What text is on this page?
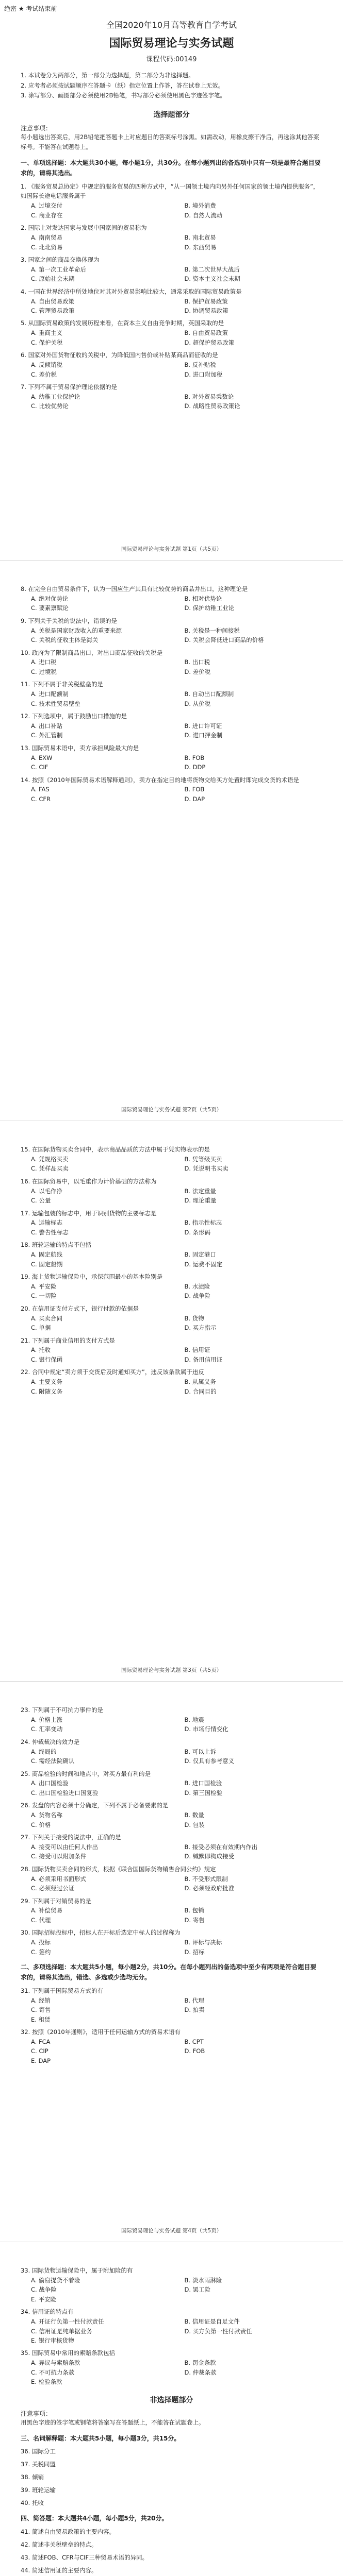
绝密 ★ 考试结束前
全国2020年10月高等教育自学考试
国际贸易理论与实务试题
课程代码:00149
1. 本试卷分为两部分，第一部分为选择题，第二部分为非选择题。
2. 应考者必须按试题顺序在答题卡（纸）指定位置上作答，答在试卷上无效。
3. 涂写部分、画图部分必须使用2B铅笔，书写部分必须使用黑色字迹签字笔。
选择题部分
注意事项：
每小题选出答案后，用2B铅笔把答题卡上对应题目的答案标号涂黑。如需改动，用橡皮擦干净后，再选涂其他答案标号。不能答在试题卷上。
一、单项选择题：本大题共30小题，每小题1分，共30分。在每小题列出的备选项中只有一项是最符合题目要求的，请将其选出。
1. 《服务贸易总协定》中规定的服务贸易的四种方式中，“从一国领土境内向另外任何国家的领土境内提供服务”，如国际长途电话服务属于
A. 过境交付	B. 境外消费
C. 商业存在	D. 自然人流动
2. 国际上对发达国家与发展中国家间的贸易称为
A. 南南贸易	B. 南北贸易
C. 北北贸易	D. 东西贸易
3. 国家之间的商品交换体现为
A. 第一次工业革命后	B. 第二次世界大战后
C. 原始社会末期	D. 资本主义社会末期
4. 一国在世界经济中所处地位对其对外贸易影响比较大，通常采取的国际贸易政策是
A. 自由贸易政策	B. 保护贸易政策
C. 管理贸易政策	D. 协调贸易政策
5. 从国际贸易政策的发展历程来看，在资本主义自由竞争时期，英国采取的是
A. 重商主义	B. 自由贸易政策
C. 保护关税	D. 超保护贸易政策
6. 国家对外国货物征收的关税中，为降低国内售价或补贴某商品而征收的是
A. 反倾销税	B. 反补贴税
C. 差价税	D. 进口附加税
7. 下列不属于贸易保护理论依据的是
A. 幼稚工业保护论	B. 对外贸易乘数论
C. 比较优势论	D. 战略性贸易政策论
国际贸易理论与实务试题 第1页（共5页）
8. 在完全自由贸易条件下，认为一国应生产其具有比较优势的商品并出口，这种理论是
A. 绝对优势论	B. 相对优势论
C. 要素禀赋论	D. 保护幼稚工业论
9. 下列关于关税的说法中，错误的是
A. 关税是国家财政收入的重要来源	B. 关税是一种间接税
C. 关税的征收主体是海关	D. 关税会降低进口商品的价格
10. 政府为了限制商品出口，对出口商品征收的关税是
A. 进口税	B. 出口税
C. 过境税	D. 差价税
11. 下列不属于非关税壁垒的是
A. 进口配额制	B. 自动出口配额制
C. 技术性贸易壁垒	D. 从价税
12. 下列选项中，属于鼓励出口措施的是
A. 出口补贴	B. 进口许可证
C. 外汇管制	D. 进口押金制
13. 国际贸易术语中，卖方承担风险最大的是
A. EXW	B. FOB
C. CIF	D. DDP
14. 按照《2010年国际贸易术语解释通则》，卖方在指定目的地将货物交给买方处置时即完成交货的术语是
A. FAS	B. FOB
C. CFR	D. DAP
国际贸易理论与实务试题 第2页（共5页）
15. 在国际货物买卖合同中，表示商品品质的方法中属于凭实物表示的是
A. 凭规格买卖	B. 凭等级买卖
C. 凭样品买卖	D. 凭说明书买卖
16. 在国际贸易中，以毛重作为计价基础的方法称为
A. 以毛作净	B. 法定重量
C. 公量	D. 理论重量
17. 运输包装的标志中，用于识别货物的主要标志是
A. 运输标志	B. 指示性标志
C. 警告性标志	D. 条形码
18. 班轮运输的特点不包括
A. 固定航线	B. 固定港口
C. 固定船期	D. 运费不固定
19. 海上货物运输保险中，承保范围最小的基本险别是
A. 平安险	B. 水渍险
C. 一切险	D. 战争险
20. 在信用证支付方式下，银行付款的依据是
A. 买卖合同	B. 货物
C. 单据	D. 买方指示
21. 下列属于商业信用的支付方式是
A. 托收	B. 信用证
C. 银行保函	D. 备用信用证
22. 合同中规定“卖方须于交货后及时通知买方”，违反该条款属于违反
A. 主要义务	B. 从属义务
C. 附随义务	D. 合同目的
国际贸易理论与实务试题 第3页（共5页）
23. 下列属于不可抗力事件的是
A. 价格上涨	B. 地震
C. 汇率变动	D. 市场行情变化
24. 仲裁裁决的效力是
A. 终局的	B. 可以上诉
C. 需经法院确认	D. 仅具有参考意义
25. 商品检验的时间和地点中，对买方最有利的是
A. 出口国检验	B. 进口国检验
C. 出口国检验进口国复验	D. 第三国检验
26. 发盘的内容必须十分确定，下列不属于必备要素的是
A. 货物名称	B. 数量
C. 价格	D. 包装
27. 下列关于接受的说法中，正确的是
A. 接受可以由任何人作出	B. 接受必须在有效期内作出
C. 接受可以附加条件	D. 缄默即构成接受
28. 国际货物买卖合同的形式，根据《联合国国际货物销售合同公约》规定
A. 必须采用书面形式	B. 不受形式限制
C. 必须经过公证	D. 必须经政府批准
29. 下列属于对销贸易的是
A. 补偿贸易	B. 包销
C. 代理	D. 寄售
30. 国际招标投标中，招标人在开标后选定中标人的过程称为
A. 投标	B. 评标与决标
C. 签约	D. 招标
二、多项选择题：本大题共5小题，每小题2分，共10分。在每小题列出的备选项中至少有两项是符合题目要求的，请将其选出，错选、多选或少选均无分。
31. 下列属于国际贸易方式的有
A. 经销	B. 代理
C. 寄售	D. 拍卖
E. 租赁
32. 按照《2010年通则》，适用于任何运输方式的贸易术语有
A. FCA	B. CPT
C. CIP	D. FOB
E. DAP
国际贸易理论与实务试题 第4页（共5页）
33. 国际货物运输保险中，属于附加险的有
A. 偷窃提货不着险	B. 淡水雨淋险
C. 战争险	D. 罢工险
E. 平安险
34. 信用证的特点有
A. 开证行负第一性付款责任	B. 信用证是自足文件
C. 信用证是纯单据业务	D. 买方负第一性付款责任
E. 银行审核货物
35. 国际贸易中常用的索赔条款包括
A. 异议与索赔条款	B. 罚金条款
C. 不可抗力条款	D. 仲裁条款
E. 检验条款
非选择题部分
注意事项：
用黑色字迹的签字笔或钢笔将答案写在答题纸上，不能答在试题卷上。
三、名词解释题：本大题共5小题，每小题3分，共15分。
36. 国际分工
37. 关税同盟
38. 倾销
39. 班轮运输
40. 托收
四、简答题：本大题共4小题，每小题5分，共20分。
41. 简述自由贸易政策的主要内容。
42. 简述非关税壁垒的特点。
43. 简述FOB、CFR与CIF三种贸易术语的异同。
44. 简述信用证的主要内容。
